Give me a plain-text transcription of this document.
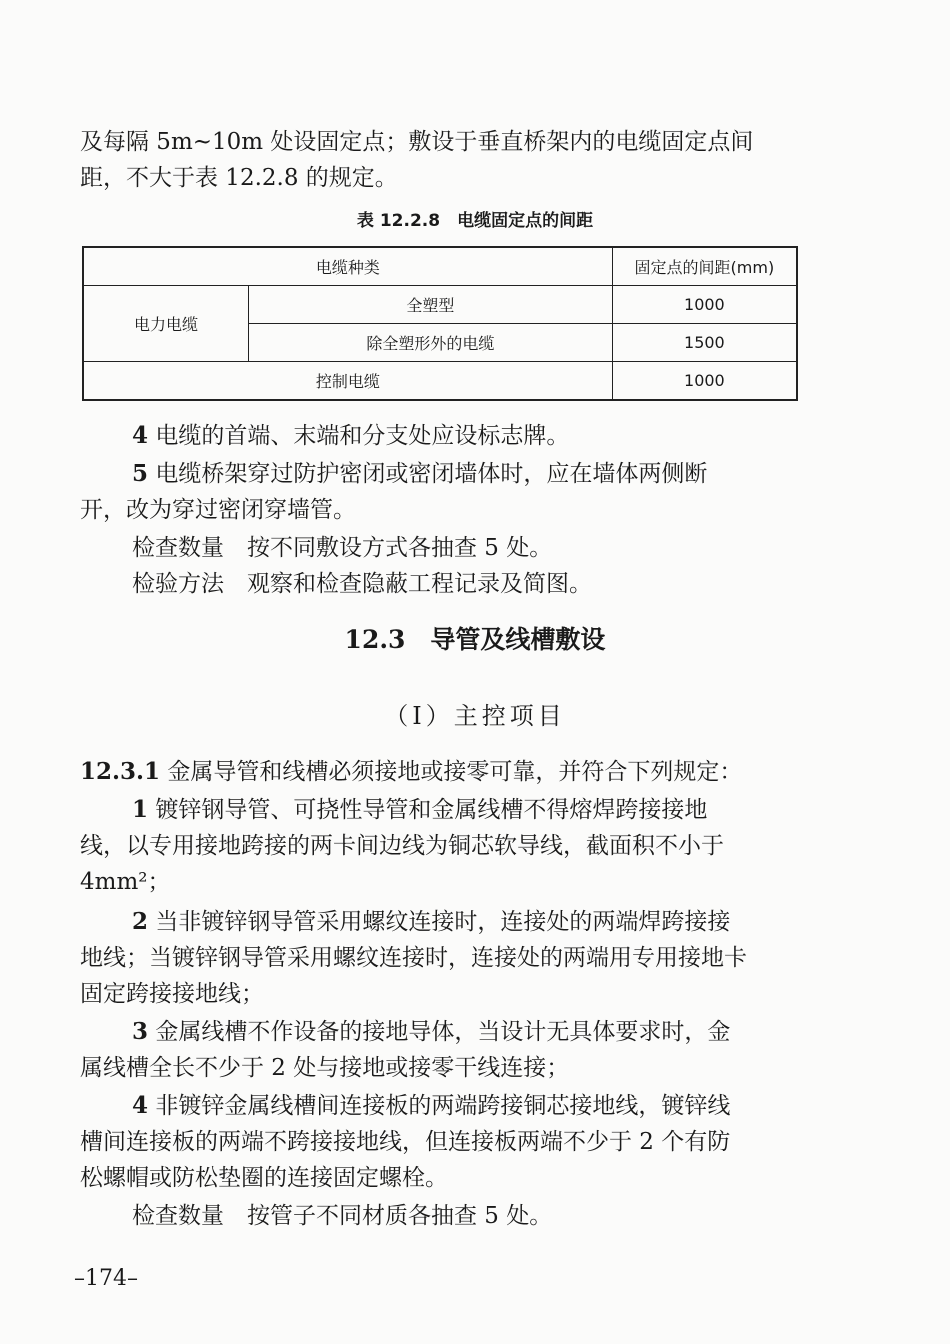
及每隔 5m~10m 处设固定点；敷设于垂直桥架内的电缆固定点间
距，不大于表 12.2.8 的规定。
表 12.2.8　电缆固定点的间距
电缆种类		固定点的间距(mm)
电力电缆	全塑型	1000
	除全塑形外的电缆	1500
控制电缆		1000
4 电缆的首端、末端和分支处应设标志牌。
5 电缆桥架穿过防护密闭或密闭墙体时，应在墙体两侧断
开，改为穿过密闭穿墙管。
检查数量　按不同敷设方式各抽查 5 处。
检验方法　观察和检查隐蔽工程记录及简图。
12.3　导管及线槽敷设
（Ⅰ）主控项目
12.3.1 金属导管和线槽必须接地或接零可靠，并符合下列规定：
1 镀锌钢导管、可挠性导管和金属线槽不得熔焊跨接接地
线，以专用接地跨接的两卡间边线为铜芯软导线，截面积不小于
4mm²；
2 当非镀锌钢导管采用螺纹连接时，连接处的两端焊跨接接
地线；当镀锌钢导管采用螺纹连接时，连接处的两端用专用接地卡
固定跨接接地线；
3 金属线槽不作设备的接地导体，当设计无具体要求时，金
属线槽全长不少于 2 处与接地或接零干线连接；
4 非镀锌金属线槽间连接板的两端跨接铜芯接地线，镀锌线
槽间连接板的两端不跨接接地线，但连接板两端不少于 2 个有防
松螺帽或防松垫圈的连接固定螺栓。
检查数量　按管子不同材质各抽查 5 处。
–174–
